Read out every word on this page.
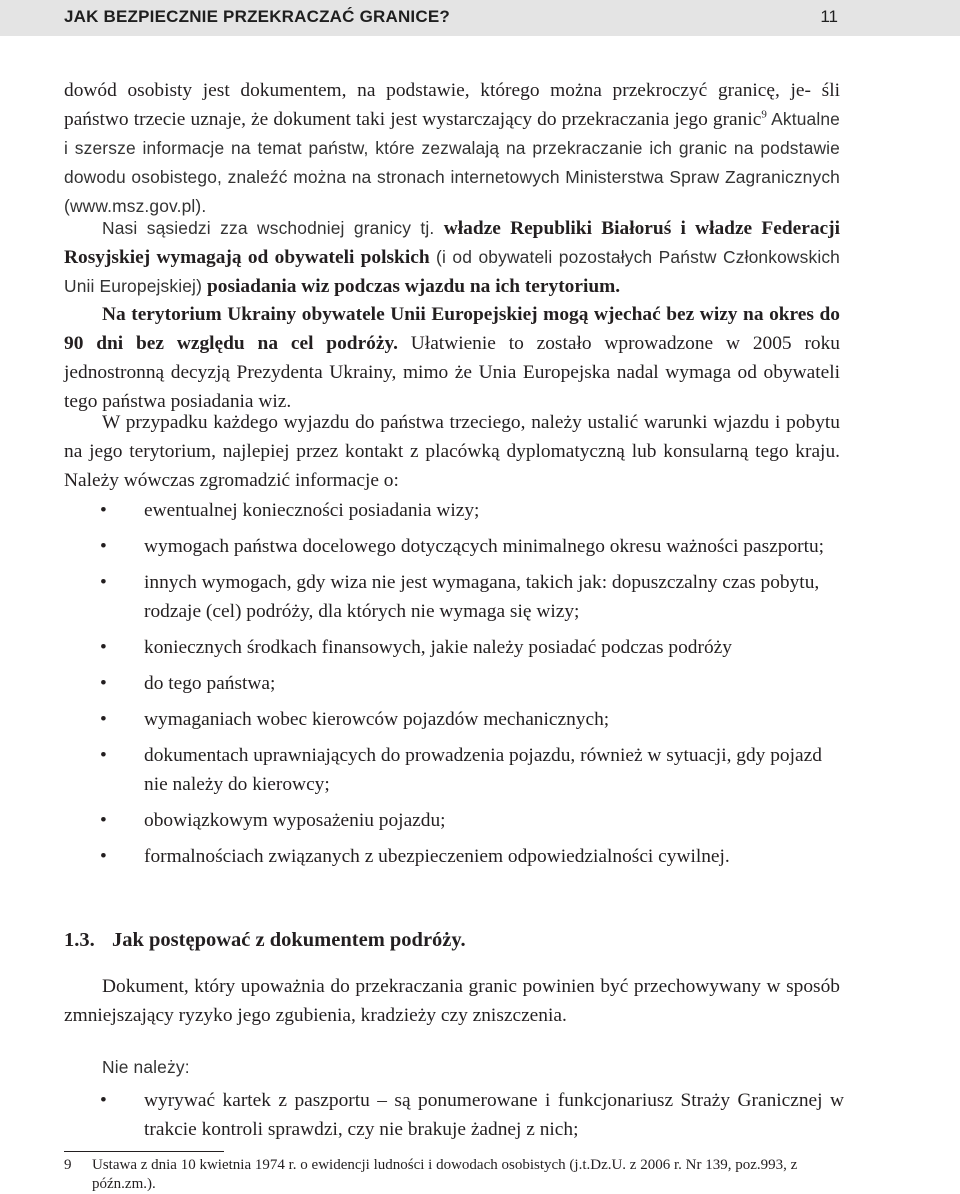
JAK BEZPIECZNIE PRZEKRACZAĆ GRANICE?	11

dowód osobisty jest dokumentem, na podstawie, którego można przekroczyć granicę, je- śli państwo trzecie uznaje, że dokument taki jest wystarczający do przekraczania jego granic$^9$ Aktualne i szersze informacje na temat państw, które zezwalają na przekraczanie ich granic na podstawie dowodu osobistego, znaleźć można na stronach internetowych Ministerstwa Spraw Zagranicznych (www.msz.gov.pl).

Nasi sąsiedzi zza wschodniej granicy tj. władze Republiki Białoruś i władze Federacji Rosyjskiej wymagają od obywateli polskich (i od obywateli pozostałych Państw Członkowskich Unii Europejskiej) posiadania wiz podczas wjazdu na ich terytorium.

Na terytorium Ukrainy obywatele Unii Europejskiej mogą wjechać bez wizy na okres do 90 dni bez względu na cel podróży. Ułatwienie to zostało wprowadzone w 2005 roku jednostronną decyzją Prezydenta Ukrainy, mimo że Unia Europejska nadal wymaga od obywateli tego państwa posiadania wiz.

W przypadku każdego wyjazdu do państwa trzeciego, należy ustalić warunki wjazdu i pobytu na jego terytorium, najlepiej przez kontakt z placówką dyplomatyczną lub konsularną tego kraju. Należy wówczas zgromadzić informacje o:

• ewentualnej konieczności posiadania wizy;
• wymogach państwa docelowego dotyczących minimalnego okresu ważności paszportu;
• innych wymogach, gdy wiza nie jest wymagana, takich jak: dopuszczalny czas pobytu, rodzaje (cel) podróży, dla których nie wymaga się wizy;
• koniecznych środkach finansowych, jakie należy posiadać podczas podróży
• do tego państwa;
• wymaganiach wobec kierowców pojazdów mechanicznych;
• dokumentach uprawniających do prowadzenia pojazdu, również w sytuacji, gdy pojazd nie należy do kierowcy;
• obowiązkowym wyposażeniu pojazdu;
• formalnościach związanych z ubezpieczeniem odpowiedzialności cywilnej.
1.3. Jak postępować z dokumentem podróży.

Dokument, który upoważnia do przekraczania granic powinien być przechowywany w sposób zmniejszający ryzyko jego zgubienia, kradzieży czy zniszczenia.

Nie należy:

• wyrywać kartek z paszportu – są ponumerowane i funkcjonariusz Straży Granicznej w trakcie kontroli sprawdzi, czy nie brakuje żadnej z nich;
9	Ustawa z dnia 10 kwietnia 1974 r. o ewidencji ludności i dowodach osobistych (j.t.Dz.U. z 2006 r. Nr 139, poz.993, z późn.zm.).
